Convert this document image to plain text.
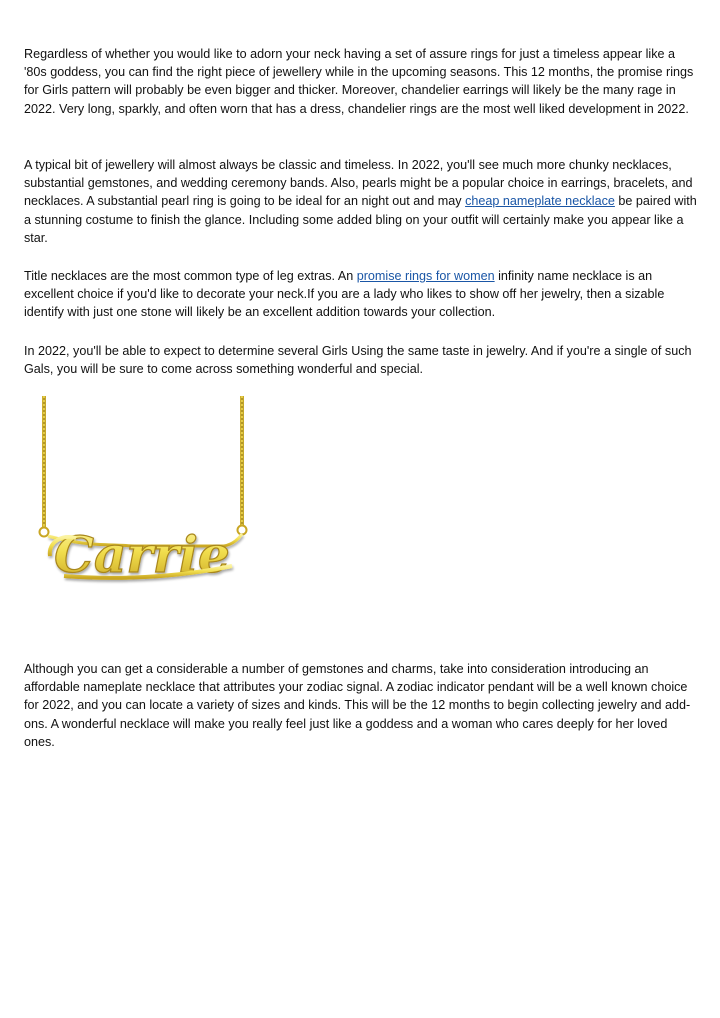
Regardless of whether you would like to adorn your neck having a set of assure rings for just a timeless appear like a '80s goddess, you can find the right piece of jewellery while in the upcoming seasons. This 12 months, the promise rings for Girls pattern will probably be even bigger and thicker. Moreover, chandelier earrings will likely be the many rage in 2022. Very long, sparkly, and often worn that has a dress, chandelier rings are the most well liked development in 2022.

A typical bit of jewellery will almost always be classic and timeless. In 2022, you'll see much more chunky necklaces, substantial gemstones, and wedding ceremony bands. Also, pearls might be a popular choice in earrings, bracelets, and necklaces. A substantial pearl ring is going to be ideal for an night out and may cheap nameplate necklace be paired with a stunning costume to finish the glance. Including some added bling on your outfit will certainly make you appear like a star.

Title necklaces are the most common type of leg extras. An promise rings for women infinity name necklace is an excellent choice if you'd like to decorate your neck.If you are a lady who likes to show off her jewelry, then a sizable identify with just one stone will likely be an excellent addition towards your collection.

In 2022, you'll be able to expect to determine several Girls Using the same taste in jewelry. And if you're a single of such Gals, you will be sure to come across something wonderful and special.

Carrie

Although you can get a considerable a number of gemstones and charms, take into consideration introducing an affordable nameplate necklace that attributes your zodiac signal. A zodiac indicator pendant will be a well known choice for 2022, and you can locate a variety of sizes and kinds. This will be the 12 months to begin collecting jewelry and add-ons. A wonderful necklace will make you really feel just like a goddess and a woman who cares deeply for her loved ones.
